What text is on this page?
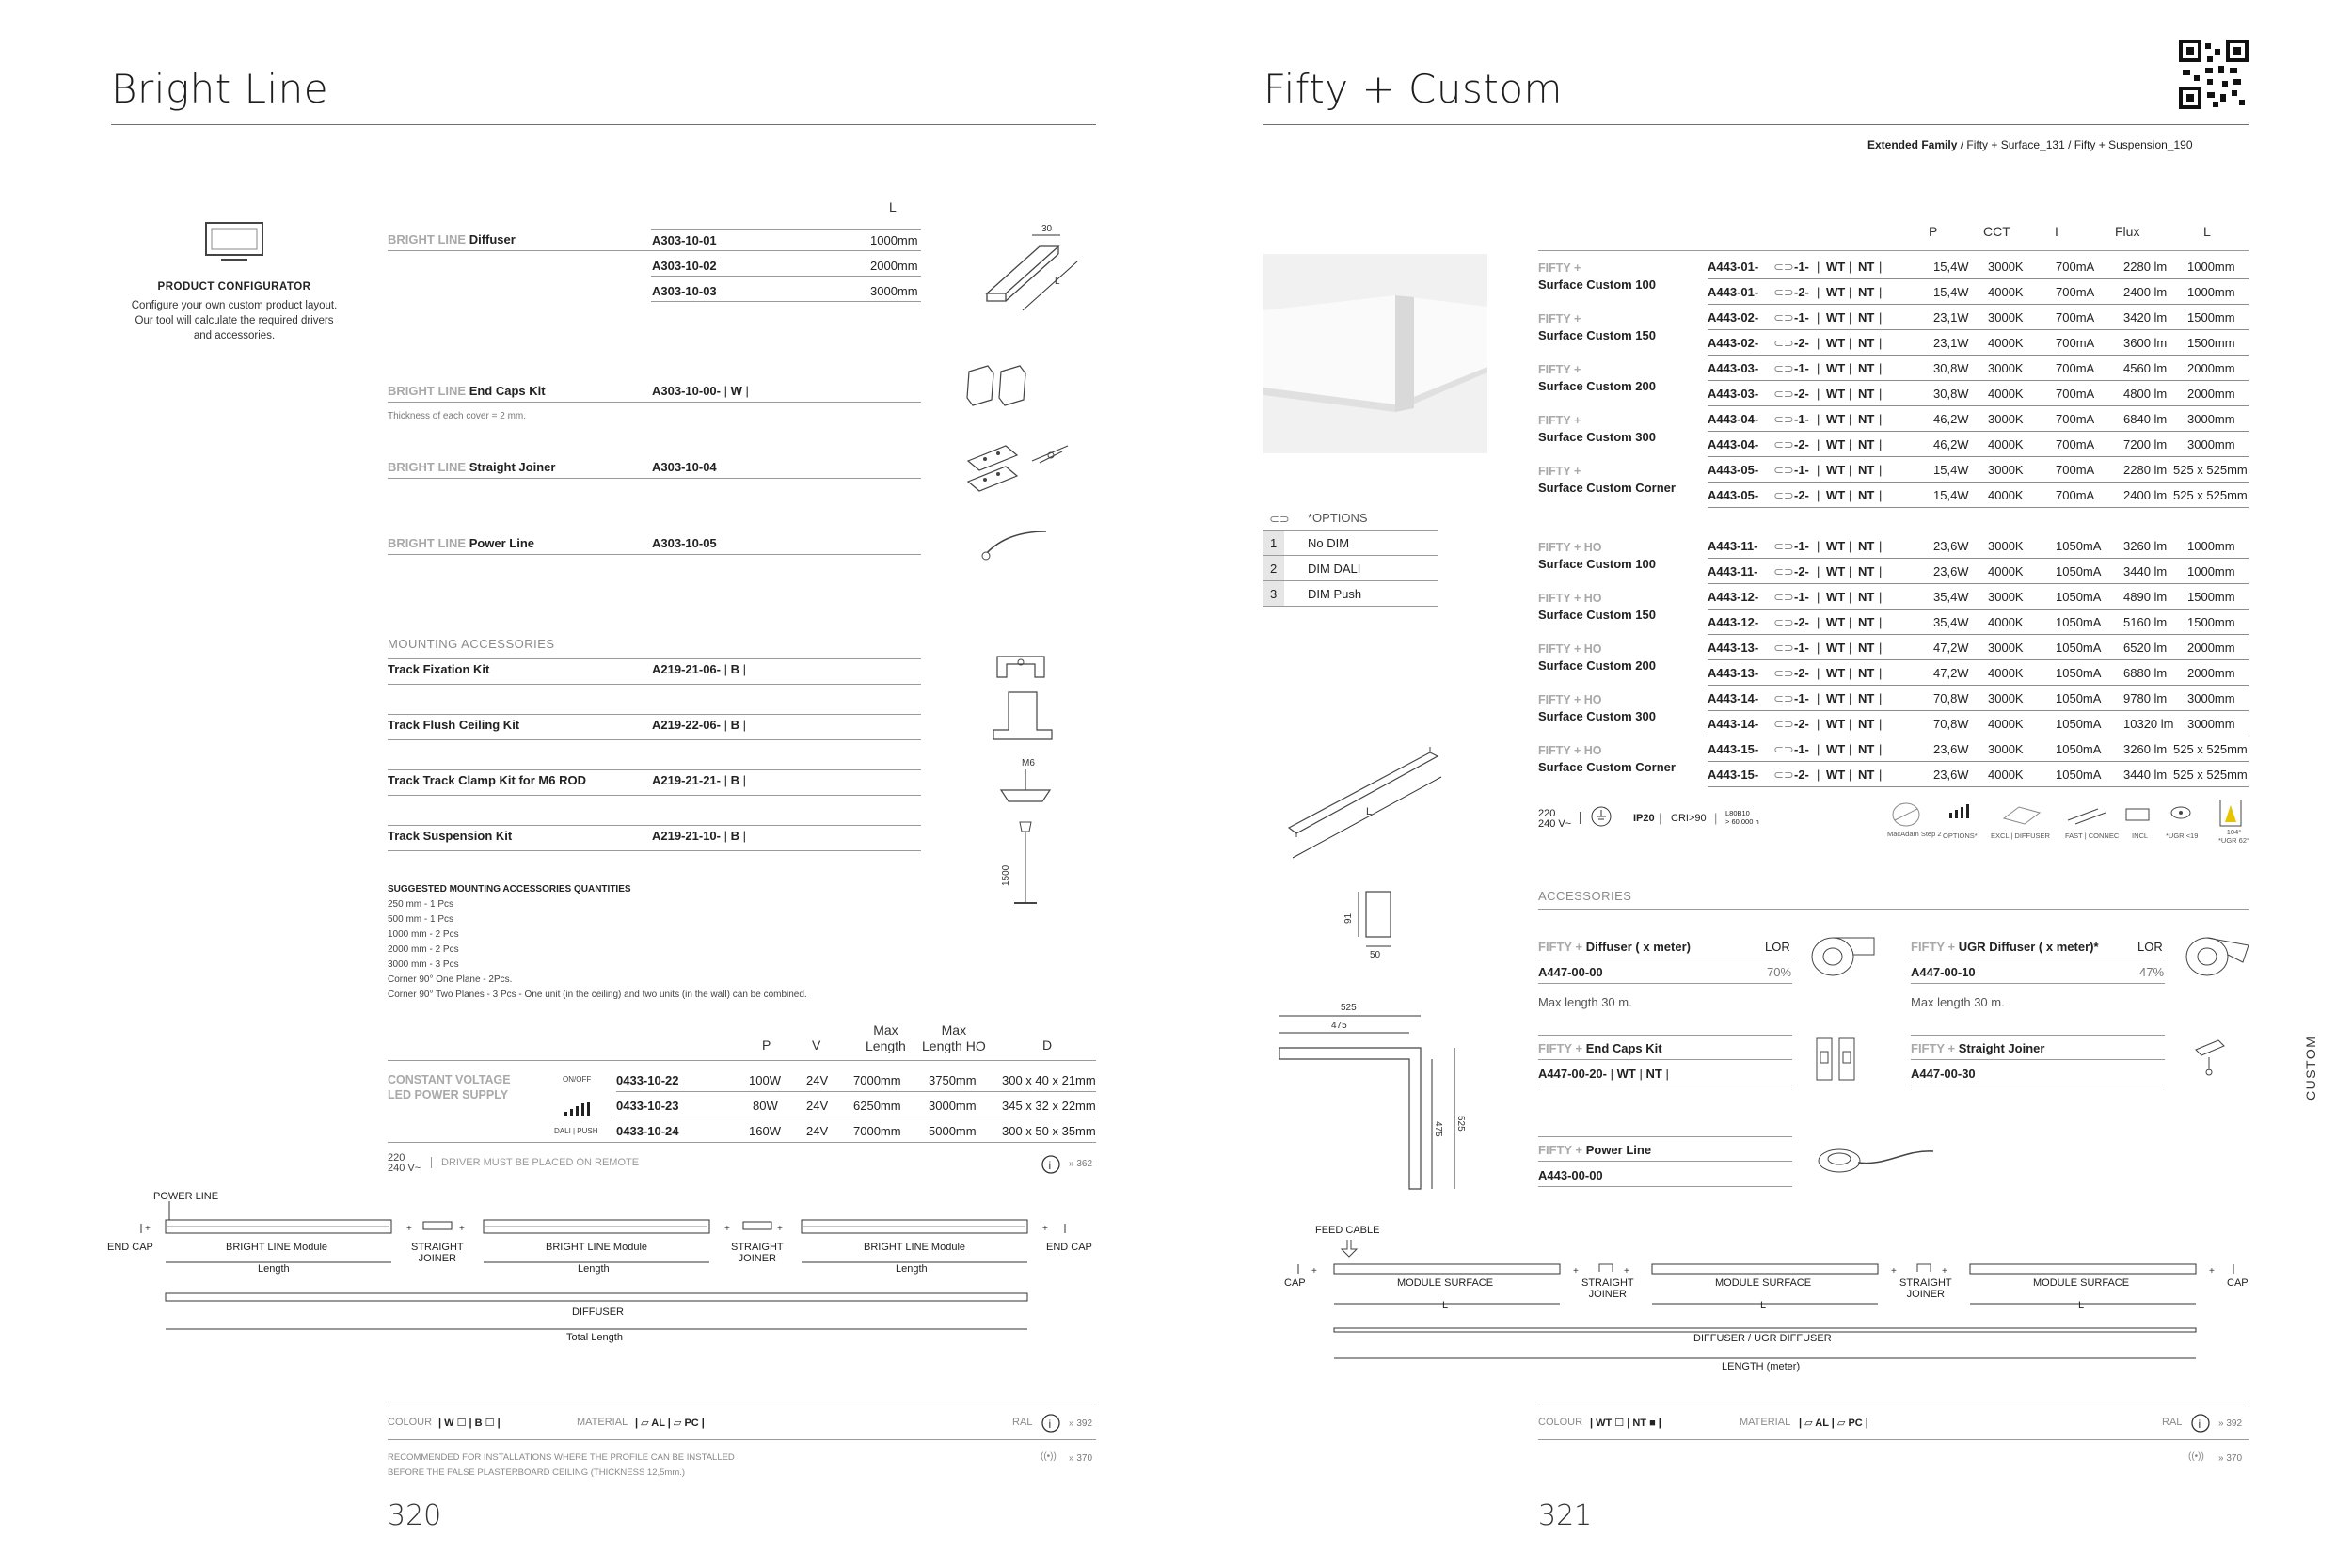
Bright Line
PRODUCT CONFIGURATOR
Configure your own custom product layout.
Our tool will calculate the required drivers
and accessories.
L
BRIGHT LINE Diffuser	A303-10-01	1000mm
A303-10-02	2000mm
A303-10-03	3000mm
30
L
BRIGHT LINE End Caps Kit	A303-10-00- | W |
Thickness of each cover = 2 mm.
BRIGHT LINE Straight Joiner	A303-10-04
BRIGHT LINE Power Line	A303-10-05
MOUNTING ACCESSORIES
Track Fixation Kit	A219-21-06- | B |
Track Flush Ceiling Kit	A219-22-06- | B |
Track Track Clamp Kit for M6 ROD	A219-21-21- | B |
Track Suspension Kit	A219-21-10- | B |
M6
1500
SUGGESTED MOUNTING ACCESSORIES QUANTITIES
250 mm - 1 Pcs
500 mm - 1 Pcs
1000 mm - 2 Pcs
2000 mm - 2 Pcs
3000 mm - 3 Pcs
Corner 90° One Plane - 2Pcs.
Corner 90° Two Planes - 3 Pcs - One unit (in the ceiling) and two units (in the wall) can be combined.
P	V
Max
Length
Max
Length HO	D
CONSTANT VOLTAGE
LED POWER SUPPLY
ON/OFF
DALI | PUSH
0433-10-22	100W 24V 7000mm 3750mm 300 x 40 x 21mm
0433-10-23	80W 24V 6250mm 3000mm 345 x 32 x 22mm
0433-10-24	160W 24V 7000mm 5000mm 300 x 50 x 35mm
220
240 V~	DRIVER MUST BE PLACED ON REMOTE	i » 362
POWER LINE
+	+	+	+	+	+
END CAP	BRIGHT LINE Module
Length
STRAIGHT
JOINER
BRIGHT LINE Module
Length
STRAIGHT
JOINER
BRIGHT LINE Module
Length
END CAP
DIFFUSER
Total Length
COLOUR | W ☐ | B ☐ |	MATERIAL | ▱ AL | ▱ PC |	RAL i » 392
RECOMMENDED FOR INSTALLATIONS WHERE THE PROFILE CAN BE INSTALLED
BEFORE THE FALSE PLASTERBOARD CEILING (THICKNESS 12,5mm.)
((•)) » 370
320
Fifty + Custom
Extended Family / Fifty + Surface_131 / Fifty + Suspension_190
⊂⊃ *OPTIONS
1	No DIM
2	DIM DALI
3	DIM Push
P	CCT	I	Flux	L
FIFTY +
Surface Custom 100
A443-01- ⊂⊃ -1- | WT | NT |	15,4W 3000K	700mA 2280 lm 1000mm
A443-01- ⊂⊃ -2- | WT | NT |	15,4W 4000K	700mA 2400 lm 1000mm
FIFTY +
Surface Custom 150
A443-02- ⊂⊃ -1- | WT | NT |	23,1W 3000K	700mA 3420 lm 1500mm
A443-02- ⊂⊃ -2- | WT | NT |	23,1W 4000K	700mA 3600 lm 1500mm
FIFTY +
Surface Custom 200
A443-03- ⊂⊃ -1- | WT | NT |	30,8W 3000K	700mA 4560 lm 2000mm
A443-03- ⊂⊃ -2- | WT | NT |	30,8W 4000K	700mA 4800 lm 2000mm
FIFTY +
Surface Custom 300
A443-04- ⊂⊃ -1- | WT | NT |	46,2W 3000K	700mA 6840 lm 3000mm
A443-04- ⊂⊃ -2- | WT | NT |	46,2W 4000K	700mA 7200 lm 3000mm
FIFTY +
Surface Custom Corner
A443-05- ⊂⊃ -1- | WT | NT |	15,4W 3000K	700mA 2280 lm 525 x 525mm
A443-05- ⊂⊃ -2- | WT | NT |	15,4W 4000K	700mA 2400 lm 525 x 525mm
FIFTY + HO
Surface Custom 100
A443-11- ⊂⊃ -1- | WT | NT |	23,6W 3000K	1050mA 3260 lm 1000mm
A443-11- ⊂⊃ -2- | WT | NT |	23,6W 4000K	1050mA 3440 lm 1000mm
FIFTY + HO
Surface Custom 150
A443-12- ⊂⊃ -1- | WT | NT |	35,4W 3000K	1050mA 4890 lm 1500mm
A443-12- ⊂⊃ -2- | WT | NT |	35,4W 4000K	1050mA 5160 lm 1500mm
FIFTY + HO
Surface Custom 200
A443-13- ⊂⊃ -1- | WT | NT |	47,2W 3000K	1050mA 6520 lm 2000mm
A443-13- ⊂⊃ -2- | WT | NT |	47,2W 4000K	1050mA 6880 lm 2000mm
FIFTY + HO
Surface Custom 300
A443-14- ⊂⊃ -1- | WT | NT |	70,8W 3000K	1050mA 9780 lm 3000mm
A443-14- ⊂⊃ -2- | WT | NT |	70,8W 4000K	1050mA 10320 lm 3000mm
FIFTY + HO
Surface Custom Corner
A443-15- ⊂⊃ -1- | WT | NT |	23,6W 3000K	1050mA 3260 lm 525 x 525mm
A443-15- ⊂⊃ -2- | WT | NT |	23,6W 4000K	1050mA 3440 lm 525 x 525mm
220
240 V~ |	IP20 | CRI>90 | L80B10
> 60.000 h
MacAdam Step 2 OPTIONS* EXCL | DIFFUSER FAST | CONNEC INCL	*UGR <19	104°
*UGR 62°
L
91
50
525
475
475 525
ACCESSORIES
FIFTY + Diffuser ( x meter)	LOR
A447-00-00	70%
Max length 30 m.
FIFTY + UGR Diffuser ( x meter)*	LOR
A447-00-10	47%
Max length 30 m.
FIFTY + End Caps Kit
A447-00-20- | WT | NT |
FIFTY + Straight Joiner
A447-00-30
FIFTY + Power Line
A443-00-00
FEED CABLE
+	+	+	+	+	+
CAP	MODULE SURFACE
L
STRAIGHT
JOINER
MODULE SURFACE
L
STRAIGHT
JOINER
MODULE SURFACE
L
CAP
DIFFUSER / UGR DIFFUSER
LENGTH (meter)
COLOUR | WT ☐ | NT ■ |	MATERIAL | ▱ AL | ▱ PC |	RAL i » 392
((•)) » 370
321
CUSTOM
